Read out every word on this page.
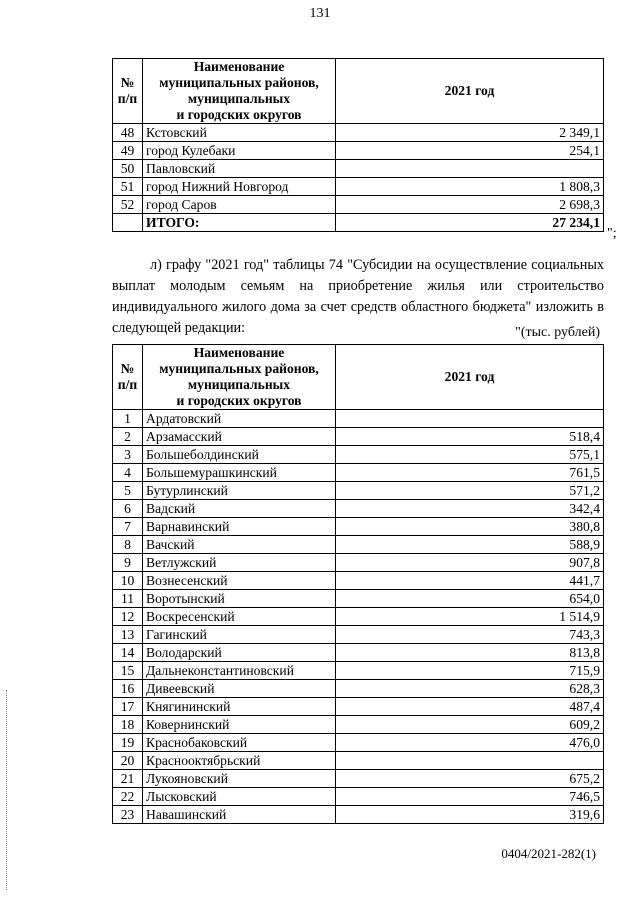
131
№ п/п	Наименование
муниципальных районов,
муниципальных
и городских округов	2021 год
48	Кстовский	2 349,1
49	город Кулебаки	254,1
50	Павловский	
51	город Нижний Новгород	1 808,3
52	город Саров	2 698,3
	ИТОГО:	27 234,1
";
л) графу "2021 год" таблицы 74 "Субсидии на осуществление социальных выплат молодым семьям на приобретение жилья или строительство индивидуального жилого дома за счет средств областного бюджета" изложить в следующей редакции:	"(тыс. рублей)
№ п/п	Наименование
муниципальных районов,
муниципальных
и городских округов	2021 год
1	Ардатовский	
2	Арзамасский	518,4
3	Большеболдинский	575,1
4	Большемурашкинский	761,5
5	Бутурлинский	571,2
6	Вадский	342,4
7	Варнавинский	380,8
8	Вачский	588,9
9	Ветлужский	907,8
10	Вознесенский	441,7
11	Воротынский	654,0
12	Воскресенский	1 514,9
13	Гагинский	743,3
14	Володарский	813,8
15	Дальнеконстантиновский	715,9
16	Дивеевский	628,3
17	Княгининский	487,4
18	Ковернинский	609,2
19	Краснобаковский	476,0
20	Краснооктябрьский	
21	Лукояновский	675,2
22	Лысковский	746,5
23	Навашинский	319,6
0404/2021-282(1)
